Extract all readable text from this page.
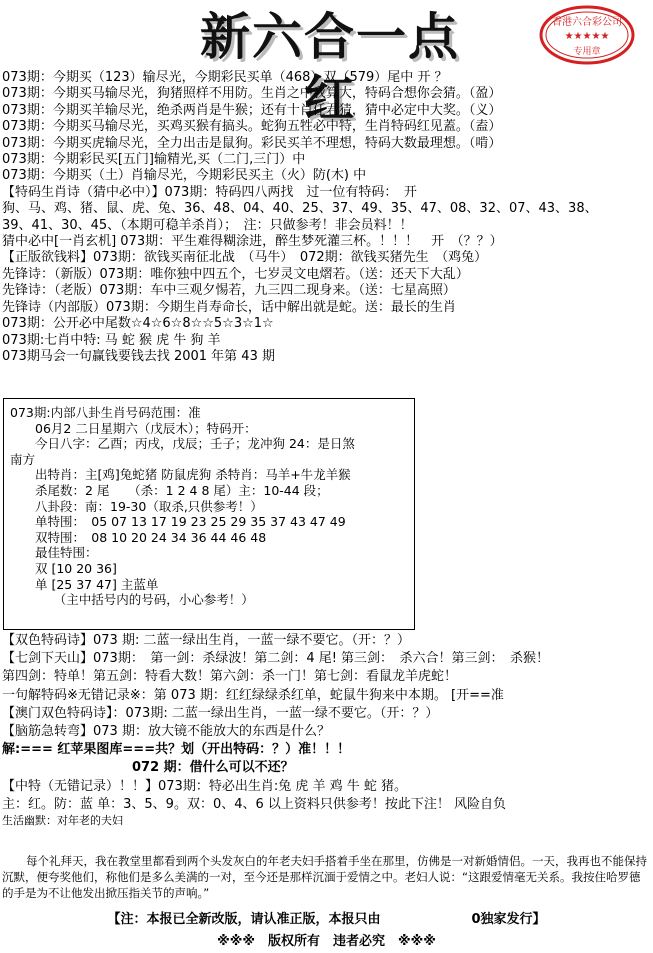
新六合一点红
香港六合彩公司
★★★★★
专用章
073期：今期买（123）输尽光，今期彩民买单（468）双（579）尾中 开 ？
073期：今期买马输尽光，狗猪照样不用防。生肖之中我算大，特码合想你会猜。（盈）
073期：今期买羊输尽光，绝杀两肖是牛猴；还有十肖任君猜，猜中必定中大奖。（义）
073期：今期买马输尽光，买鸡买猴有搞头。蛇狗五牲必中特，生肖特码红见蓋。（盍）
073期：今期买虎输尽光，全力出击是鼠狗。彩民买羊不理想，特码大数最理想。（啃）
073期：今期彩民买[五门]输精光,买（二门,三门）中
073期：今期买（土）肖输尽光，今期彩民买主（火）防(木) 中
【特码生肖诗（猜中必中）】073期：特码四八两找　过一位有特码：　开
狗、马、鸡、猪、鼠、虎、兔、36、48、04、40、25、37、49、35、47、08、32、07、43、38、
39、41、30、45、（本期可稳羊杀肖）；　注：只做参考！非会员料！！
猜中必中[一肖玄机] 073期：平生难得糊涂进，醉生梦死灌三杯。！！！　开　（？？）
【正版欲钱料】073期：欲钱买南征北战　（马牛）　072期：欲钱买猪先生　（鸡兔）
先锋诗：（新版）073期：唯你独中四五个，七岁灵文电熠若。（送：还天下大乱）
先锋诗：（老版）073期：车中三观夕惕若，九三四二现身来。（送：七星高照）
先锋诗（内部版）073期：今期生肖寿命长，话中解出就是蛇。送：最长的生肖
073期：公开必中尾数☆4☆6☆8☆☆5☆3☆1☆
073期:七肖中特: 马 蛇 猴 虎 牛 狗 羊
073期马会一句赢钱要钱去找 2001 年第 43 期
073期:内部八卦生肖号码范围：准
　　06月2 二日星期六（戊辰木）；特码开：
　　今日八字：乙酉；丙戌，戊辰；壬子；龙冲狗 24：是日煞
南方
　　出特肖：主[鸡]兔蛇猪 防鼠虎狗 杀特肖：马羊+牛龙羊猴
　　杀尾数：2 尾　　（杀：1 2 4 8 尾）主：10-44 段；
　　八卦段：南：19-30（取杀,只供参考！）
　　单特围：　05 07 13 17 19 23 25 29 35 37 43 47 49
　　双特围：　08 10 20 24 34 36 44 46 48
　　最佳特围：
　　双 [10 20 36]
　　单 [25 37 47] 主蓝单
　　　　（主中括号内的号码，小心参考！）
【双色特码诗】073 期: 二蓝一绿出生肖，一蓝一绿不要它。（开：？）
【七剑下天山】073期：　第一剑：杀绿波！第二剑：4 尾! 第三剑：　杀六合！第三剑：　杀猴！
第四剑：特单！第五剑：特看大数！第六剑：杀一门！第七剑：看鼠龙羊虎蛇！
一句解特码※无错记录※：第 073 期：红红绿绿杀红单，蛇鼠牛狗来中本期。 [开==准
【澳门双色特码诗】：073期: 二蓝一绿出生肖，一蓝一绿不要它。（开：？）
【脑筋急转弯】073 期：放大镜不能放大的东西是什么？
解:=== 红苹果图库===共？划（开出特码：？）准！！！
　　　　　　　　　　072 期：借什么可以不还？
【中特（无错记录）！！】073期：特必出生肖:兔 虎 羊 鸡 牛 蛇 猪。
主：红。防：蓝 单：3、5、9。双：0、4、6 以上资料只供参考！按此下注！ 风险自负
生活幽默：对年老的夫妇
每个礼拜天，我在教堂里都看到两个头发灰白的年老夫妇手搭着手坐在那里，仿佛是一对新婚情侣。一天，我再也不能保持沉默，便夸奖他们，称他们是多么美满的一对，至今还是那样沉湎于爱情之中。老妇人说：“这跟爱情毫无关系。我按住哈罗德的手是为不让他发出掀压指关节的声响。”
【注：本报已全新改版，请认准正版，本报只由　　　　　　　0独家发行】
※※※　版权所有　违者必究　※※※
